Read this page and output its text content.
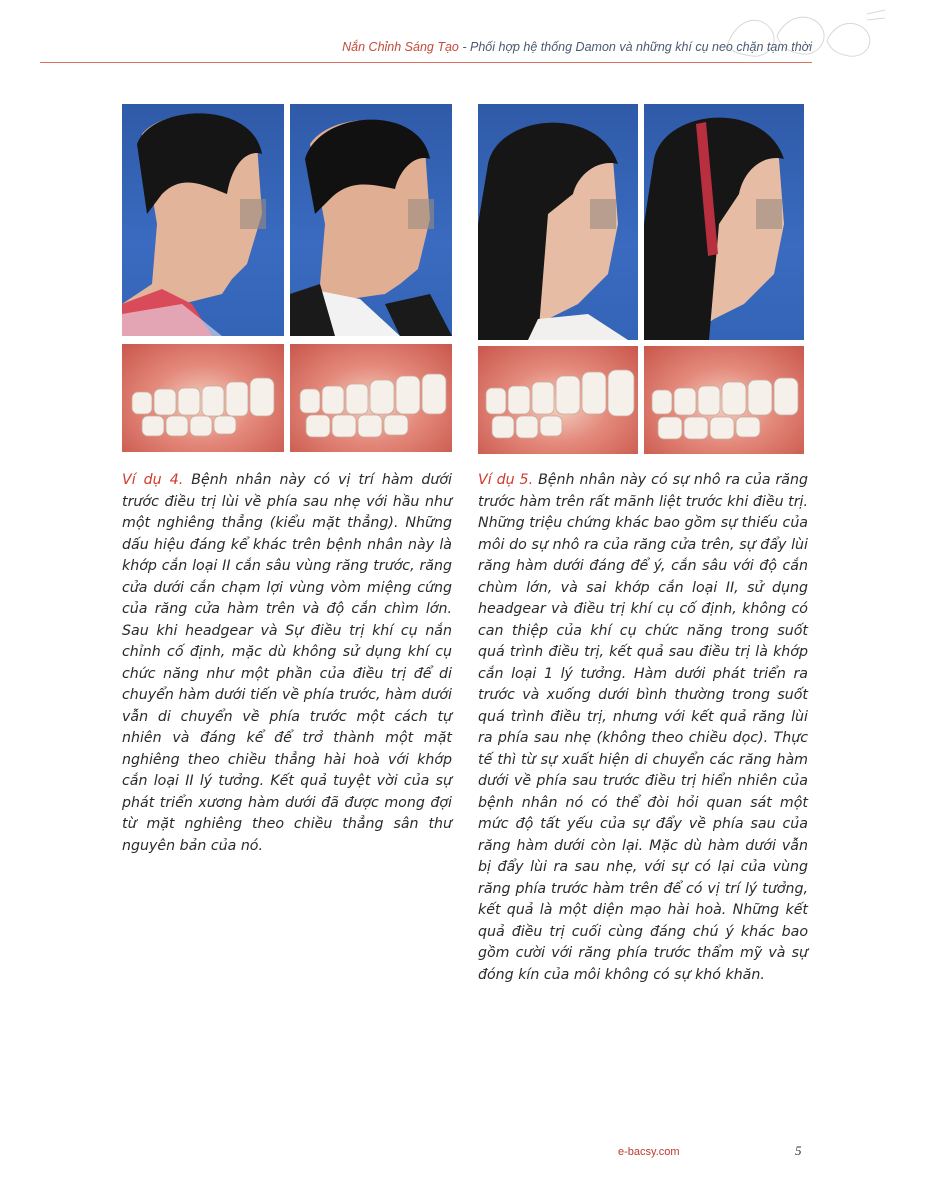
Nắn Chỉnh Sáng Tạo - Phối hợp hệ thống Damon và những khí cụ neo chặn tạm thời
Ví dụ 4. Bệnh nhân này có vị trí hàm dưới trước điều trị lùi về phía sau nhẹ với hầu như một nghiêng thẳng (kiểu mặt thẳng). Những dấu hiệu đáng kể khác trên bệnh nhân này là khớp cắn loại II cắn sâu vùng răng trước, răng cửa dưới cắn chạm lợi vùng vòm miệng cứng của răng cửa hàm trên và độ cắn chìm lớn. Sau khi headgear và Sự điều trị khí cụ nắn chỉnh cố định, mặc dù không sử dụng khí cụ chức năng như một phần của điều trị để di chuyển hàm dưới tiến về phía trước, hàm dưới vẫn di chuyển về phía trước một cách tự nhiên và đáng kể để trở thành một mặt nghiêng theo chiều thẳng hài hoà với khớp cắn loại II lý tưởng. Kết quả tuyệt vời của sự phát triển xương hàm dưới đã được mong đợi từ mặt nghiêng theo chiều thẳng sân thư nguyên bản của nó.
Ví dụ 5. Bệnh nhân này có sự nhô ra của răng trước hàm trên rất mãnh liệt trước khi điều trị. Những triệu chứng khác bao gồm sự thiếu của môi do sự nhô ra của răng cửa trên, sự đẩy lùi răng hàm dưới đáng để ý, cắn sâu với độ cắn chùm lớn, và sai khớp cắn loại II, sử dụng headgear và điều trị khí cụ cố định, không có can thiệp của khí cụ chức năng trong suốt quá trình điều trị, kết quả sau điều trị là khớp cắn loại 1 lý tưởng. Hàm dưới phát triển ra trước và xuống dưới bình thường trong suốt quá trình điều trị, nhưng với kết quả răng lùi ra phía sau nhẹ (không theo chiều dọc). Thực tế thì từ sự xuất hiện di chuyển các răng hàm dưới về phía sau trước điều trị hiển nhiên của bệnh nhân nó có thể đòi hỏi quan sát một mức độ tất yếu của sự đẩy về phía sau của răng hàm dưới còn lại. Mặc dù hàm dưới vẫn bị đẩy lùi ra sau nhẹ, với sự có lại của vùng răng phía trước hàm trên để có vị trí lý tưởng, kết quả là một diện mạo hài hoà. Những kết quả điều trị cuối cùng đáng chú ý khác bao gồm cười với răng phía trước thẩm mỹ và sự đóng kín của môi không có sự khó khăn.
e-bacsy.com	5
